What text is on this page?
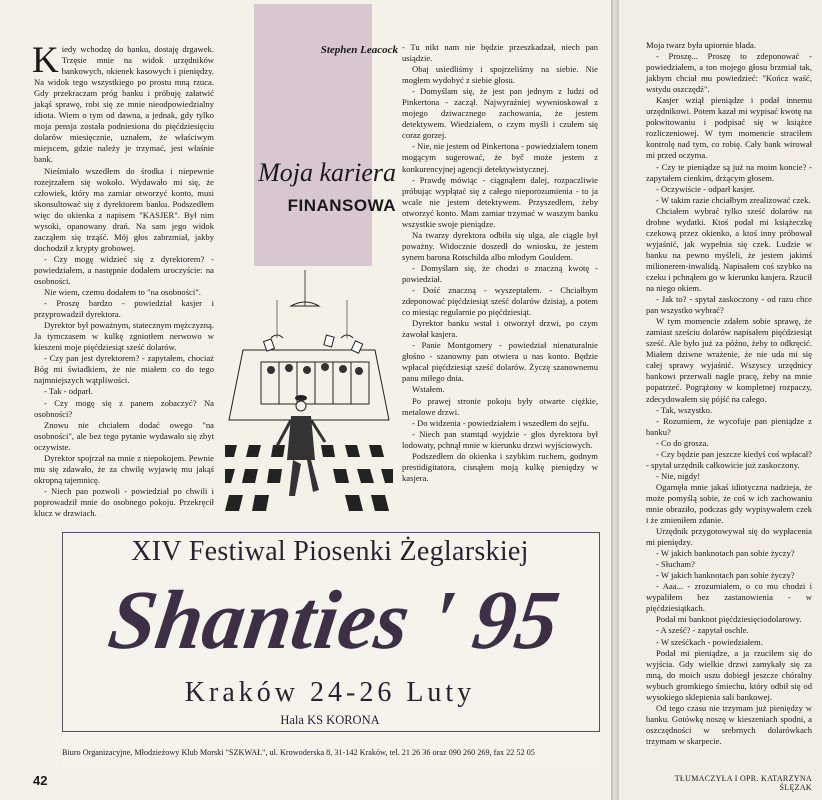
Stephen Leacock
Moja kariera
FINANSOWA

Kiedy wchodzę do banku, dostaję drgawek. Trzęsie mnie na widok urzędników bankowych, okienek kasowych i pieniędzy. Na widok tego wszystkiego po prostu mną rzuca. Gdy przekraczam próg banku i próbuję załatwić jakąś sprawę, robi się ze mnie nieodpowiedzialny idiota. Wiem o tym od dawna, a jednak, gdy tylko moja pensja została podniesiona do pięćdziesięciu dolarów miesięcznie, uznałem, że właściwym miejscem, gdzie należy je trzymać, jest właśnie bank.

Nieśmiało wszedłem do środka i niepewnie rozejrzałem się wokoło. Wydawało mi się, że człowiek, który ma zamiar otworzyć konto, musi skonsultować się z dyrektorem banku. Podszedłem więc do okienka z napisem "KASJER". Był nim wysoki, opanowany drań. Na sam jego widok zacząłem się trząść. Mój głos zabrzmiał, jakby dochodził z krypty grobowej.

- Czy mogę widzieć się z dyrektorem? - powiedziałem, a następnie dodałem uroczyście: na osobności.

Nie wiem, czemu dodałem to "na osobności".

- Proszę bardzo - powiedział kasjer i przyprowadził dyrektora.

Dyrektor był poważnym, statecznym mężczyzną. Ja tymczasem w kulkę zgniotłem nerwowo w kieszeni moje pięćdziesiąt sześć dolarów.

- Czy pan jest dyrektorem? - zapytałem, chociaż Bóg mi świadkiem, że nie miałem co do tego najmniejszych wątpliwości.

- Tak - odparł.

- Czy mogę się z panem zobaczyć? Na osobności?

Znowu nie chciałem dodać owego "na osobności", ale bez tego pytanie wydawało się zbyt oczywiste.

Dyrektor spojrzał na mnie z niepokojem. Pewnie mu się zdawało, że za chwilę wyjawię mu jakąś okropną tajemnicę.

- Niech pan pozwoli - powiedział po chwili i poprowadził mnie do osobnego pokoju. Przekręcił klucz w drzwiach.

- Tu nikt nam nie będzie przeszkadzał, niech pan usiądzie.

Obaj usiedliśmy i spojrzeliśmy na siebie. Nie mogłem wydobyć z siebie głosu.

- Domyślam się, że jest pan jednym z ludzi od Pinkertona - zaczął. Najwyraźniej wywnioskował z mojego dziwacznego zachowania, że jestem detektywem. Wiedziałem, o czym myśli i czułem się coraz gorzej.

- Nie, nie jestem od Pinkertona - powiedziałem tonem mogącym sugerować, że byč może jestem z konkurencyjnej agencji detektywistycznej.

- Prawdę mówiąc - ciągnąłem dalej, rozpaczliwie próbując wypłątać się z całego nieporozumienia - to ja wcale nie jestem detektywem. Przyszedłem, żeby otworzyć konto. Mam zamiar trzymać w waszym banku wszystkie swoje pieniądze.

Na twarzy dyrektora odbiła się ulga, ale ciągle był poważny. Widocznie doszedł do wniosku, że jestem synem barona Rotschilda albo młodym Gouldem.

- Domyślam się, że chodzi o znaczną kwotę - powiedział.

- Dość znaczną - wyszeptałem. - Chciałbym zdeponować pięćdziesiąt sześć dolarów dzisiaj, a potem co miesiąc regularnie po pięćdziesiąt.

Dyrektor banku wstał i otworzył drzwi, po czym zawołał kasjera.

- Panie Montgomery - powiedział nienaturalnie głośno - szanowny pan otwiera u nas konto. Będzie wpłacał pięćdziesiąt sześć dolarów. Życzę szanownemu panu miłego dnia.

Wstałem.

Po prawej stronie pokoju były otwarte ciężkie, metalowe drzwi.

- Do widzenia - powiedziałem i wszedłem do sejfu.

- Niech pan stamtąd wyjdzie - głos dyrektora był lodowaty, pchnął mnie w kierunku drzwi wyjściowych.

Podszedłem do okienka i szybkim ruchem, godnym prestidigitatora, cisnąłem moją kulkę pieniędzy w kasjera.

Moja twarz była upiornie blada.

- Proszę... Proszę to zdeponować - powiedziałem, a ton mojego głosu brzmiał tak, jakbym chciał mu powiedzieć: "Kończ waść, wstydu oszczędź".

Kasjer wziął pieniądze i podał innemu urzędnikowi. Potem kazał mi wypisać kwotę na pokwitowaniu i podpisać się w książce rozliczeniowej. W tym momencie straciłem kontrolę nad tym, co robię. Cały bank wirował mi przed oczyma.

- Czy te pieniądze są już na moim koncie? - zapytałem cienkim, drżącym głosem.

- Oczywiście - odparł kasjer.

- W takim razie chciałbym zrealizować czek.

Chciałem wybrać tylko sześć dolarów na drobne wydatki. Ktoś podał mi książeczkę czekową przez okienko, a ktoś inny próbował wyjaśnić, jak wypełnia się czek. Ludzie w banku na pewno myśleli, że jestem jakimś milionerem-inwalidą. Napisałem coś szybko na czeku i pchnąłem go w kierunku kasjera. Rzucił na niego okiem.

- Jak to? - spytał zaskoczony - od razu chce pan wszystko wybrać?

W tym momencie zdałem sobie sprawę, że zamiast sześciu dolarów napisałem pięćdziesiąt sześć. Ale było już za późno, żeby to odkręcić. Miałem dziwne wrażenie, że nie uda mi się całej sprawy wyjaśnić. Wszyscy urzędnicy bankowi przerwali nagle pracę, żeby na mnie popatrzeć. Pogrążony w kompletnej rozpaczy, zdecydowałem się pójść na całego.

- Tak, wszystko.

- Rozumiem, że wycofuje pan pieniądze z banku?

- Co do grosza.

- Czy będzie pan jeszcze kiedyś coś wpłacał? - spytał urzędnik całkowicie już zaskoczony.

- Nie, nigdy!

Ogarnęła mnie jakaś idiotyczna nadzieja, że może pomyślą sobie, że coś w ich zachowaniu mnie obraziło, podczas gdy wypisywałem czek i że zmieniłem zdanie.

Urzędnik przygotowywał się do wypłacenia mi pieniędzy.

- W jakich banknotach pan sobie życzy?

- Słucham?

- W jakich banknotach pan sobie życzy?

- Aaa... - zrozumiałem, o co mu chodzi i wypaliłem bez zastanowienia - w pięćdziesiątkach.

Podał mi banknot pięćdziesięciodolarowy.

- A sześć? - zapytał oschle.

- W sześćkach - powiedziałem.

Podał mi pieniądze, a ja rzuciłem się do wyjścia. Gdy wielkie drzwi zamykały się za mną, do moich uszu dobiegł jeszcze chóralny wybuch gromkiego śmiechu, który odbił się od wysokiego sklepienia sali bankowej.

Od tego czasu nie trzymam już pieniędzy w banku. Gotówkę noszę w kieszeniach spodni, a oszczędności w srebrnych dolarówkach trzymam w skarpecie.

XIV Festiwal Piosenki Żeglarskiej
Shanties ' 95
Kraków 24-26 Luty
Hala KS KORONA
Biuro Organizacyjne, Młodzieżowy Klub Morski "SZKWAŁ", ul. Krowoderska 8, 31-142 Kraków, tel. 21 26 36 oraz 090 260 269, fax 22 52 05
42	TŁUMACZYŁA I OPR. KATARZYNA ŚLĘZAK
